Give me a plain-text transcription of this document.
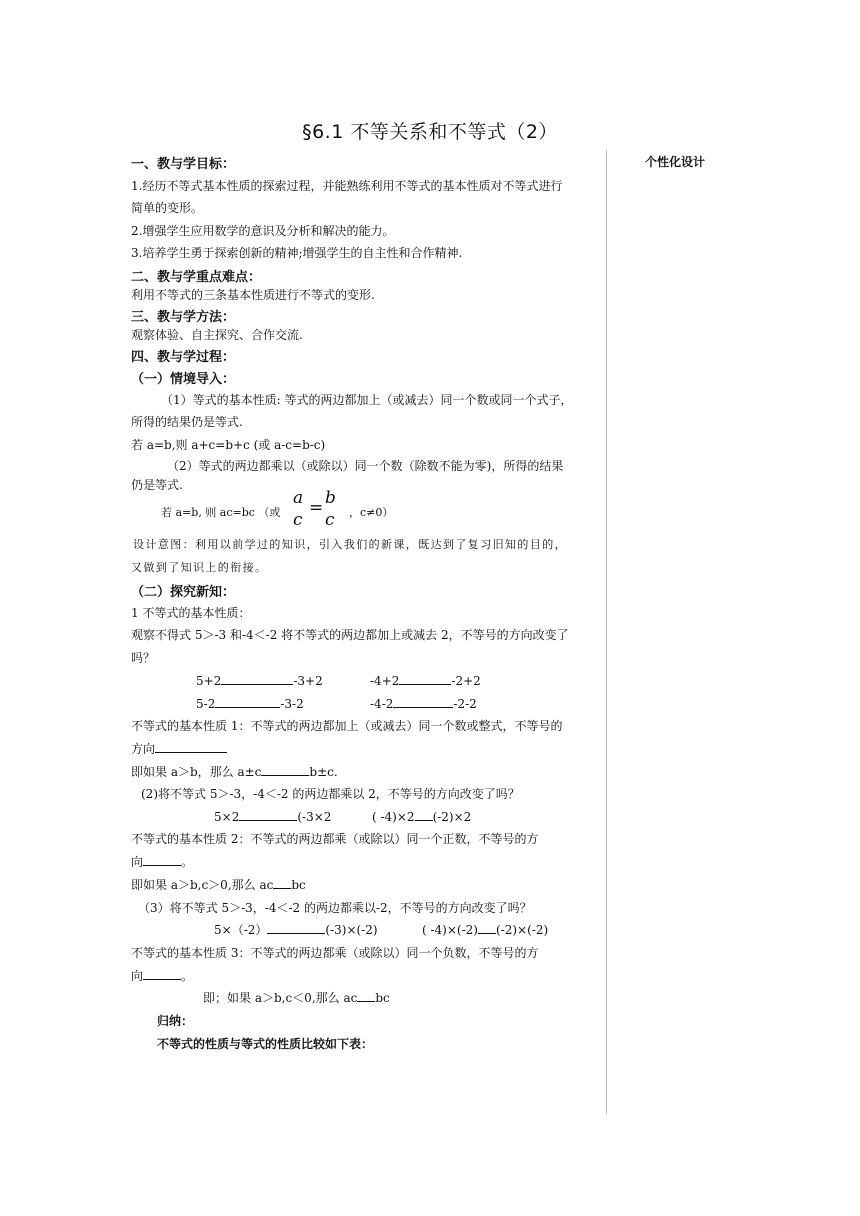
§6.1 不等关系和不等式（2）
个性化设计
一、教与学目标：
1.经历不等式基本性质的探索过程，并能熟练利用不等式的基本性质对不等式进行
简单的变形。
2.增强学生应用数学的意识及分析和解决的能力。
3.培养学生勇于探索创新的精神;增强学生的自主性和合作精神.
二、教与学重点难点：
利用不等式的三条基本性质进行不等式的变形.
三、教与学方法：
观察体验、自主探究、合作交流.
四、教与学过程：
（一）情境导入：
（1）等式的基本性质: 等式的两边都加上（或减去）同一个数或同一个式子，
所得的结果仍是等式.
若 a=b,则 a+c=b+c (或 a-c=b-c)
（2）等式的两边都乘以（或除以）同一个数（除数不能为零)，所得的结果
仍是等式.
若 a=b, 则 ac=bc （或
a
c
= b
c ，c≠0）
设计意图：利用以前学过的知识，引入我们的新课，既达到了复习旧知的目的，
又做到了知识上的衔接。
（二）探究新知：
1 不等式的基本性质：
观察不得式 5＞-3 和-4＜-2 将不等式的两边都加上或减去 2，不等号的方向改变了
吗？
5+2	-3+2	-4+2	-2+2
5-2	-3-2	-4-2	-2-2
不等式的基本性质 1：不等式的两边都加上（或减去）同一个数或整式，不等号的
方向
即如果 a＞b，那么 a±c	b±c.
(2)将不等式 5＞-3，-4＜-2 的两边都乘以 2，不等号的方向改变了吗？
5×2	(-3×2	( -4)×2 (-2)×2
不等式的基本性质 2：不等式的两边都乘（或除以）同一个正数，不等号的方
向	。
即如果 a＞b,c＞0,那么 ac bc
（3）将不等式 5＞-3，-4＜-2 的两边都乘以-2，不等号的方向改变了吗？
5×（-2）	(-3)×(-2)	( -4)×(-2) (-2)×(-2)
不等式的基本性质 3：不等式的两边都乘（或除以）同一个负数，不等号的方
向	。
即；如果 a＞b,c＜0,那么 ac bc
归纳：
不等式的性质与等式的性质比较如下表：
